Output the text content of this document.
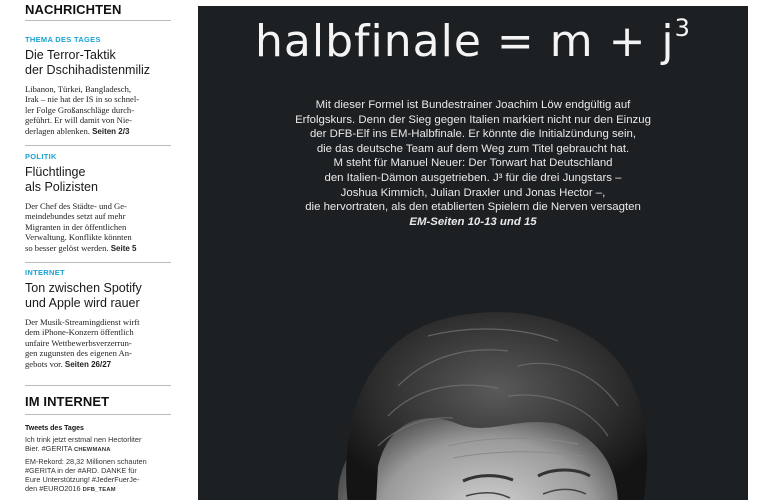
NACHRICHTEN

THEMA DES TAGES

Die Terror-Taktik
der Dschihadistenmiliz

Libanon, Türkei, Bangladesch,
Irak – nie hat der IS in so schnel-
ler Folge Großanschläge durch-
geführt. Er will damit von Nie-
derlagen ablenken. Seiten 2/3

POLITIK

Flüchtlinge
als Polizisten

Der Chef des Städte- und Ge-
meindebundes setzt auf mehr
Migranten in der öffentlichen
Verwaltung. Konflikte könnten
so besser gelöst werden. Seite 5

INTERNET

Ton zwischen Spotify
und Apple wird rauer

Der Musik-Streamingdienst wirft
dem iPhone-Konzern öffentlich
unfaire Wettbewerbsverzerrun-
gen zugunsten des eigenen An-
gebots vor. Seiten 26/27

IM INTERNET

Tweets des Tages

Ich trink jetzt erstmal nen Hectorliter
Bier. #GERITA CHEWMANA

EM-Rekord: 28,32 Millionen schauten
#GERITA in der #ARD. DANKE für
Eure Unterstützung! #JederFuerJe-
den #EURO2016 DFB_TEAM

halbfinale = $m + j^3$
Mit dieser Formel ist Bundestrainer Joachim Löw endgültig auf
Erfolgskurs. Denn der Sieg gegen Italien markiert nicht nur den Einzug
der DFB-Elf ins EM-Halbfinale. Er könnte die Initialzündung sein,
die das deutsche Team auf dem Weg zum Titel gebraucht hat.
M steht für Manuel Neuer: Der Torwart hat Deutschland
den Italien-Dämon ausgetrieben. J³ für die drei Jungstars –
Joshua Kimmich, Julian Draxler und Jonas Hector –,
die hervortraten, als den etablierten Spielern die Nerven versagten
EM-Seiten 10-13 und 15
